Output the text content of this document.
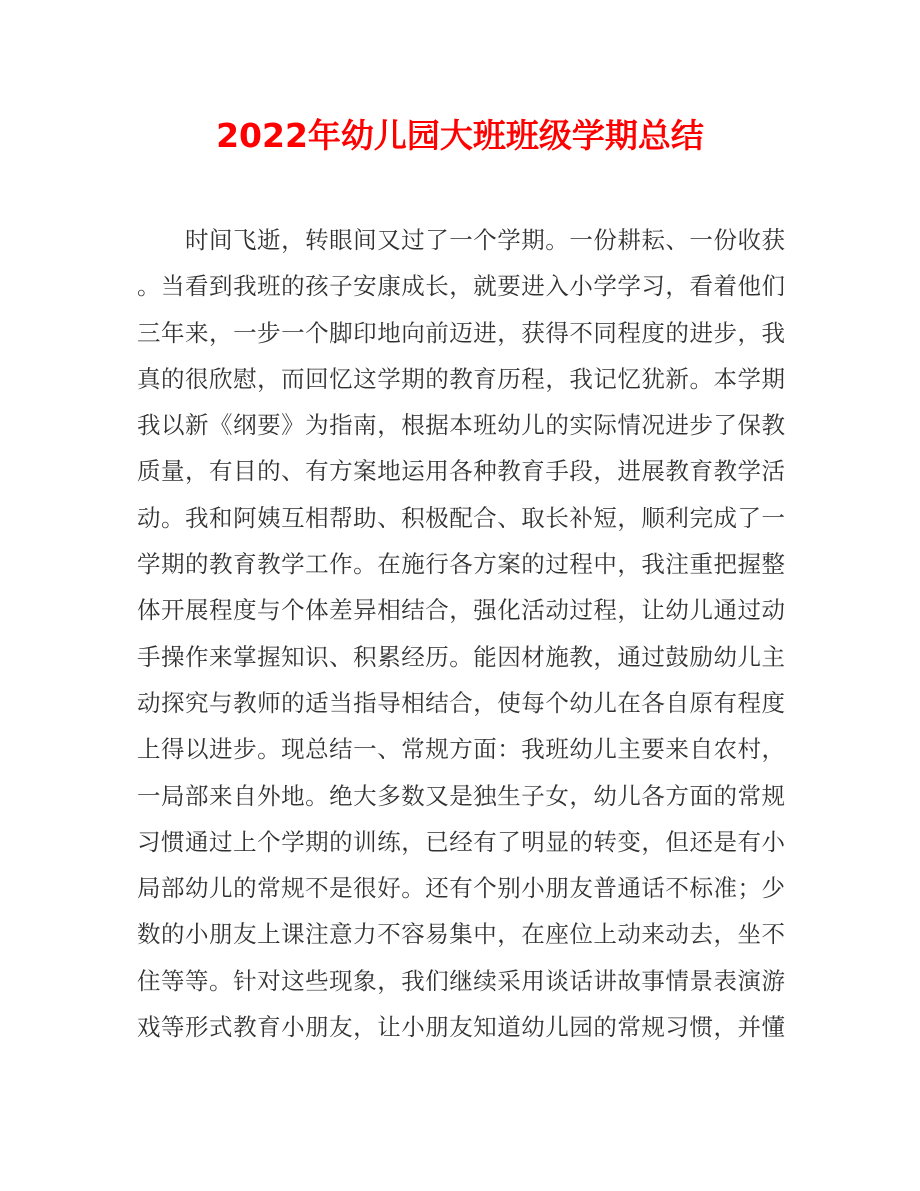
2022年幼儿园大班班级学期总结
时间飞逝，转眼间又过了一个学期。一份耕耘、一份收获
。当看到我班的孩子安康成长，就要进入小学学习，看着他们
三年来，一步一个脚印地向前迈进，获得不同程度的进步，我
真的很欣慰，而回忆这学期的教育历程，我记忆犹新。本学期
我以新《纲要》为指南，根据本班幼儿的实际情况进步了保教
质量，有目的、有方案地运用各种教育手段，进展教育教学活
动。我和阿姨互相帮助、积极配合、取长补短，顺利完成了一
学期的教育教学工作。在施行各方案的过程中，我注重把握整
体开展程度与个体差异相结合，强化活动过程，让幼儿通过动
手操作来掌握知识、积累经历。能因材施教，通过鼓励幼儿主
动探究与教师的适当指导相结合，使每个幼儿在各自原有程度
上得以进步。现总结一、常规方面：我班幼儿主要来自农村，
一局部来自外地。绝大多数又是独生子女，幼儿各方面的常规
习惯通过上个学期的训练，已经有了明显的转变，但还是有小
局部幼儿的常规不是很好。还有个别小朋友普通话不标准；少
数的小朋友上课注意力不容易集中，在座位上动来动去，坐不
住等等。针对这些现象，我们继续采用谈话讲故事情景表演游
戏等形式教育小朋友，让小朋友知道幼儿园的常规习惯，并懂
